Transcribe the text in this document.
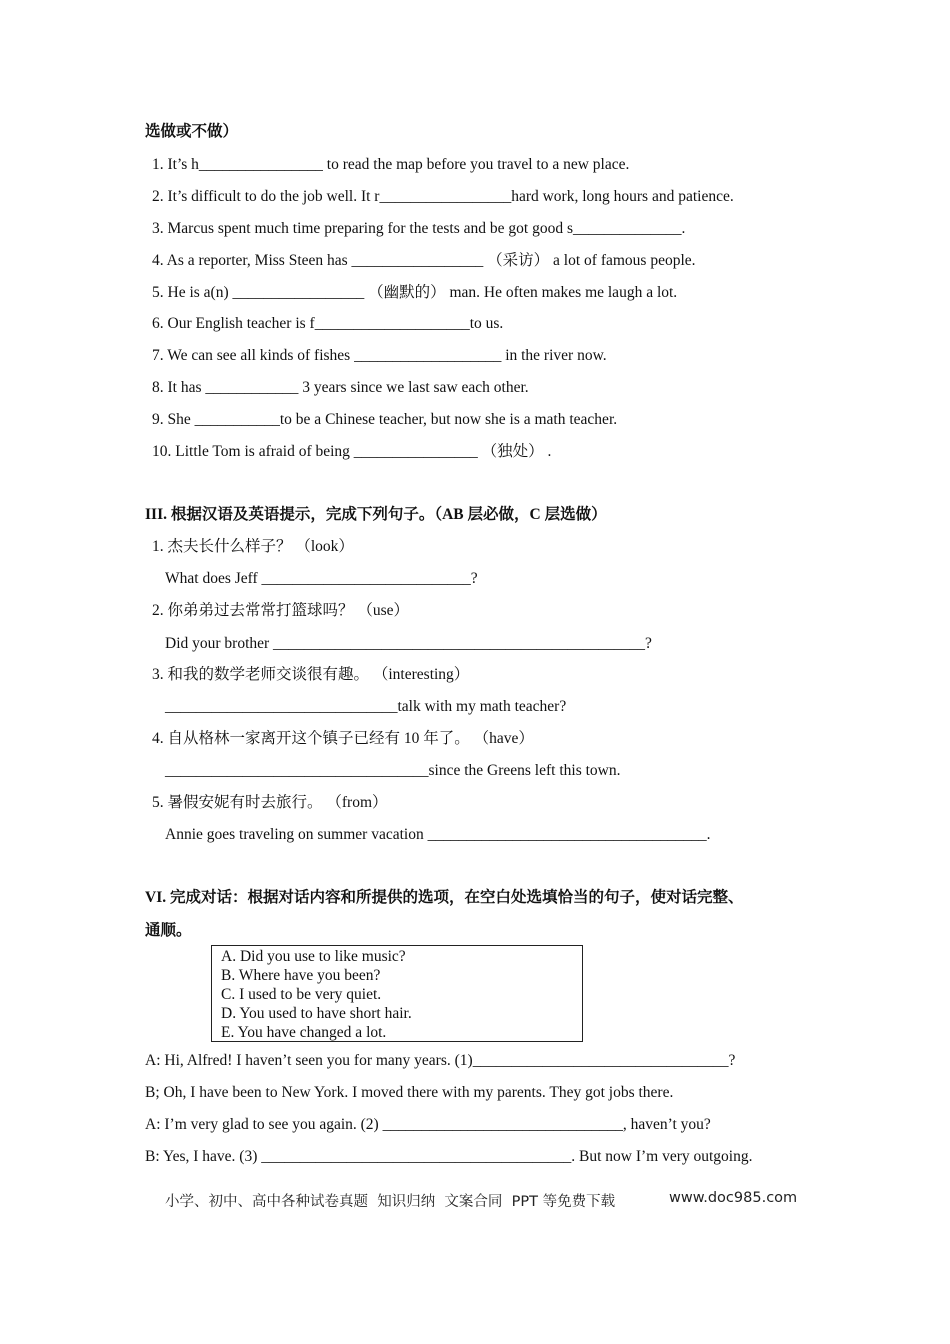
选做或不做）
1. It’s h________________ to read the map before you travel to a new place.
2. It’s difficult to do the job well. It r_________________hard work, long hours and patience.
3. Marcus spent much time preparing for the tests and be got good s______________.
4. As a reporter, Miss Steen has _________________ （采访） a lot of famous people.
5. He is a(n) _________________ （幽默的） man. He often makes me laugh a lot.
6. Our English teacher is f____________________to us.
7. We can see all kinds of fishes ___________________ in the river now.
8. It has ____________ 3 years since we last saw each other.
9. She ___________to be a Chinese teacher, but now she is a math teacher.
10. Little Tom is afraid of being ________________ （独处） .
III. 根据汉语及英语提示，完成下列句子。（AB 层必做，C 层选做）
1. 杰夫长什么样子？ （look）
What does Jeff ___________________________?
2. 你弟弟过去常常打篮球吗？ （use）
Did your brother ________________________________________________?
3. 和我的数学老师交谈很有趣。 （interesting）
______________________________talk with my math teacher?
4. 自从格林一家离开这个镇子已经有 10 年了。 （have）
__________________________________since the Greens left this town.
5. 暑假安妮有时去旅行。 （from）
Annie goes traveling on summer vacation ____________________________________.
VI. 完成对话：根据对话内容和所提供的选项，在空白处选填恰当的句子，使对话完整、
通顺。
A. Did you use to like music?
B. Where have you been?
C. I used to be very quiet.
D. You used to have short hair.
E. You have changed a lot.
A: Hi, Alfred! I haven’t seen you for many years. (1)_________________________________?
B; Oh, I have been to New York. I moved there with my parents. They got jobs there.
A: I’m very glad to see you again. (2) _______________________________, haven’t you?
B: Yes, I have. (3) ________________________________________. But now I’m very outgoing.
小学、初中、高中各种试卷真题  知识归纳  文案合同  PPT 等免费下载	www.doc985.com
